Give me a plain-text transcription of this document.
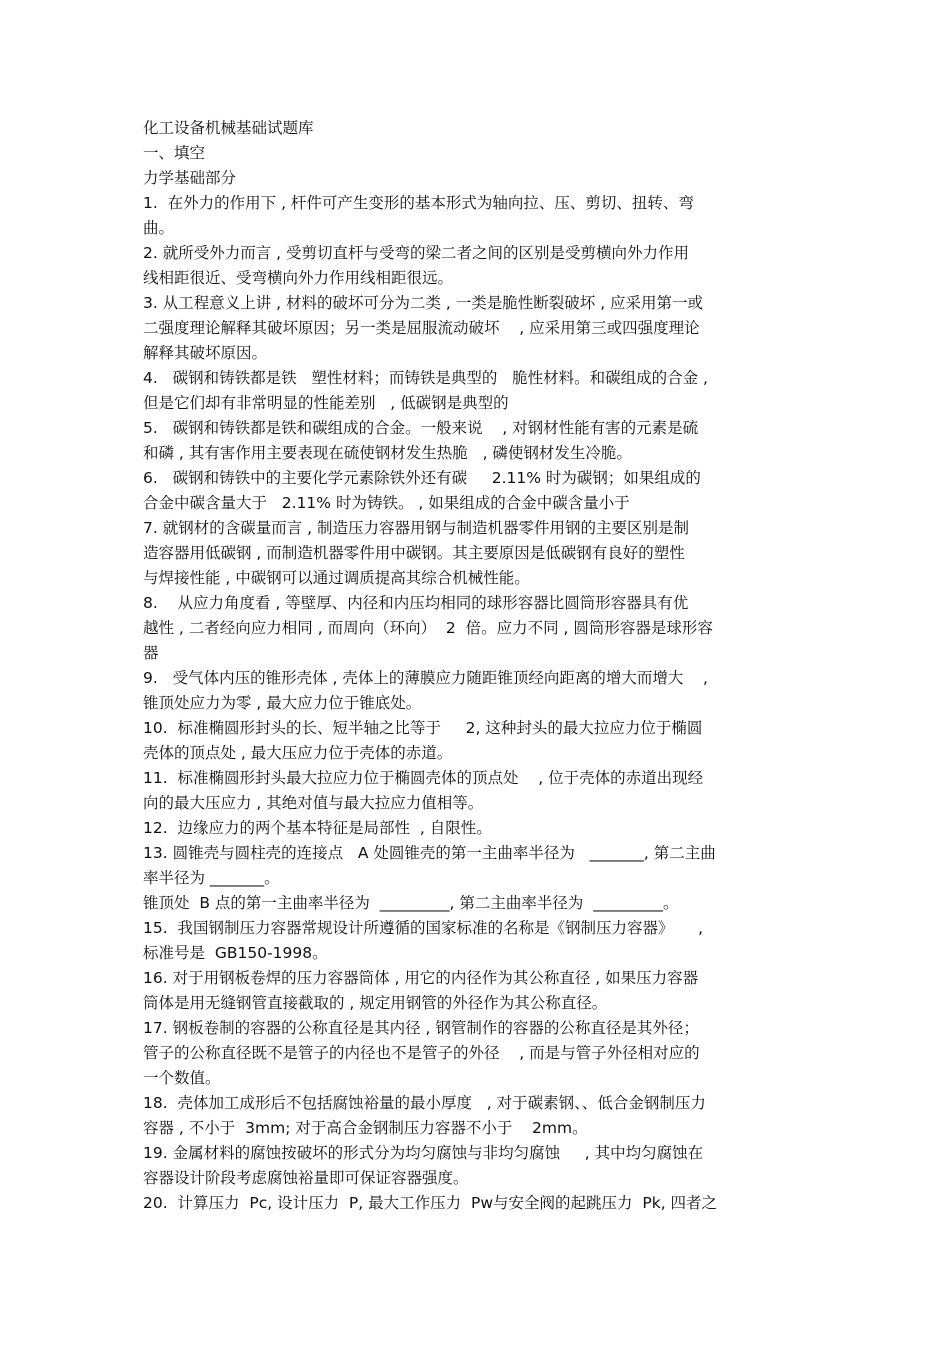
化工设备机械基础试题库
一、填空
力学基础部分
1.  在外力的作用下 , 杆件可产生变形的基本形式为轴向拉、压、剪切、扭转、弯
曲。
2. 就所受外力而言 , 受剪切直杆与受弯的梁二者之间的区别是受剪横向外力作用
线相距很近、受弯横向外力作用线相距很远。
3. 从工程意义上讲 , 材料的破坏可分为二类 , 一类是脆性断裂破坏 , 应采用第一或
二强度理论解释其破坏原因；另一类是屈服流动破坏    , 应采用第三或四强度理论
解释其破坏原因。
4.   碳钢和铸铁都是铁   塑性材料；而铸铁是典型的   脆性材料。和碳组成的合金 ,
但是它们却有非常明显的性能差别   , 低碳钢是典型的
5.   碳钢和铸铁都是铁和碳组成的合金。一般来说    , 对钢材性能有害的元素是硫
和磷 , 其有害作用主要表现在硫使钢材发生热脆   , 磷使钢材发生冷脆。
6.   碳钢和铸铁中的主要化学元素除铁外还有碳     2.11% 时为碳钢；如果组成的
合金中碳含量大于   2.11% 时为铸铁。 , 如果组成的合金中碳含量小于
7. 就钢材的含碳量而言 , 制造压力容器用钢与制造机器零件用钢的主要区别是制
造容器用低碳钢 , 而制造机器零件用中碳钢。其主要原因是低碳钢有良好的塑性
与焊接性能 , 中碳钢可以通过调质提高其综合机械性能。
8.    从应力角度看 , 等壁厚、内径和内压均相同的球形容器比圆筒形容器具有优
越性 , 二者经向应力相同 , 而周向（环向）  2  倍。应力不同 , 圆筒形容器是球形容
器
9.   受气体内压的锥形壳体 , 壳体上的薄膜应力随距锥顶经向距离的增大而增大    ,
锥顶处应力为零 , 最大应力位于锥底处。
10.  标准椭圆形封头的长、短半轴之比等于     2, 这种封头的最大拉应力位于椭圆
壳体的顶点处 , 最大压应力位于壳体的赤道。
11.  标准椭圆形封头最大拉应力位于椭圆壳体的顶点处    , 位于壳体的赤道出现经
向的最大压应力 , 其绝对值与最大拉应力值相等。
12.  边缘应力的两个基本特征是局部性  , 自限性。
13. 圆锥壳与圆柱壳的连接点   A 处圆锥壳的第一主曲率半径为   _______, 第二主曲
率半径为 _______。
锥顶处  B 点的第一主曲率半径为  _________, 第二主曲率半径为  _________。
15.  我国钢制压力容器常规设计所遵循的国家标准的名称是《钢制压力容器》     ,
标准号是  GB150-1998。
16. 对于用钢板卷焊的压力容器筒体 , 用它的内径作为其公称直径 , 如果压力容器
筒体是用无缝钢管直接截取的 , 规定用钢管的外径作为其公称直径。
17. 钢板卷制的容器的公称直径是其内径 , 钢管制作的容器的公称直径是其外径；
管子的公称直径既不是管子的内径也不是管子的外径    , 而是与管子外径相对应的
一个数值。
18.  壳体加工成形后不包括腐蚀裕量的最小厚度   , 对于碳素钢、、低合金钢制压力
容器 , 不小于  3mm; 对于高合金钢制压力容器不小于    2mm。
19. 金属材料的腐蚀按破坏的形式分为均匀腐蚀与非均匀腐蚀     , 其中均匀腐蚀在
容器设计阶段考虑腐蚀裕量即可保证容器强度。
20.  计算压力  Pc, 设计压力  P, 最大工作压力  Pw与安全阀的起跳压力  Pk, 四者之
